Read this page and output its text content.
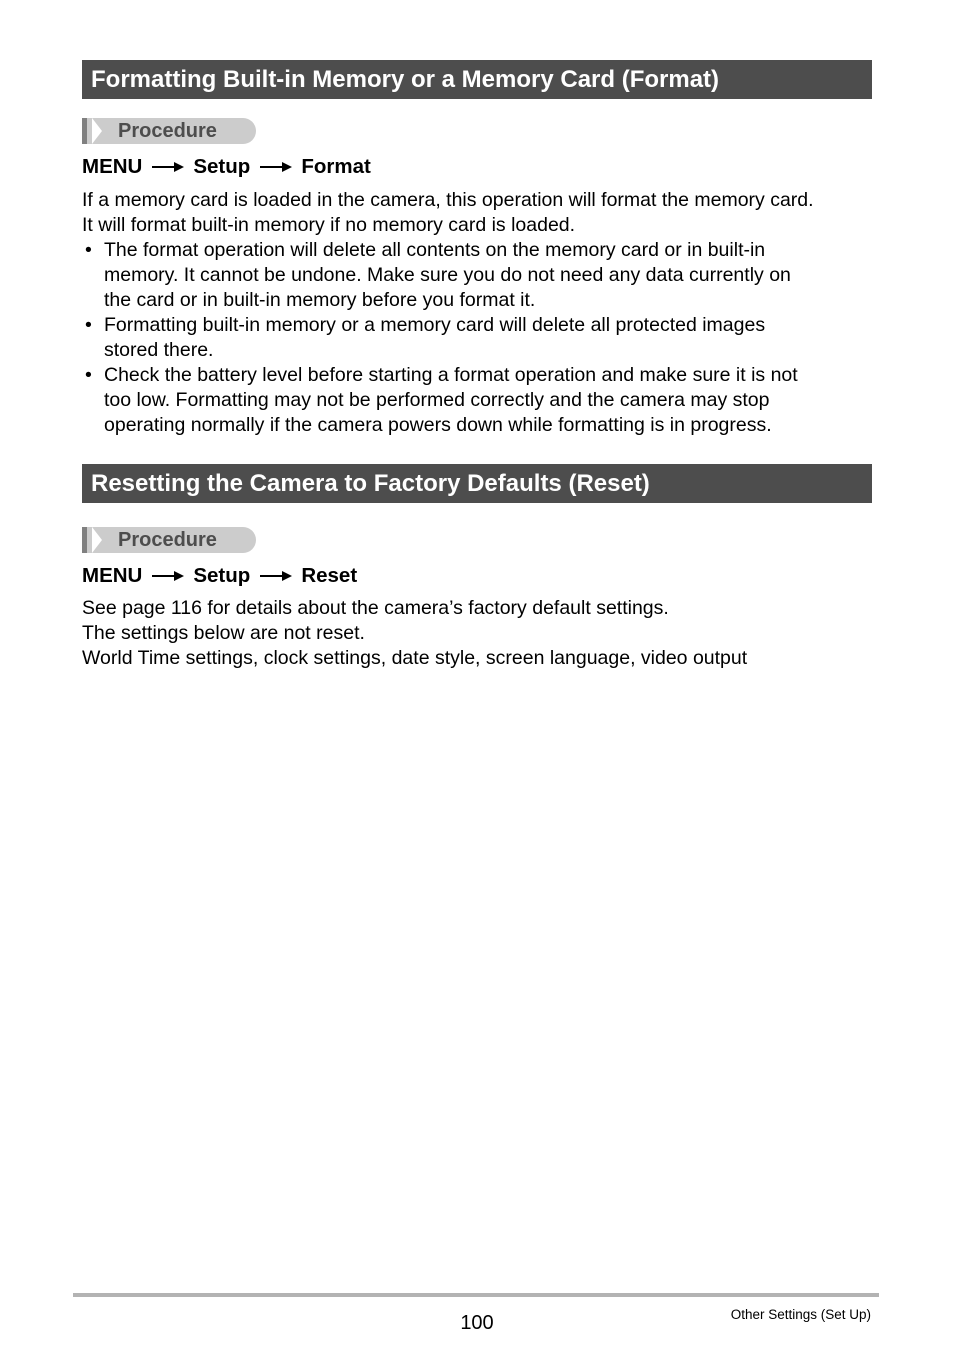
Formatting Built-in Memory or a Memory Card (Format)
Procedure
MENU Setup Format

If a memory card is loaded in the camera, this operation will format the memory card.

It will format built-in memory if no memory card is loaded.

• The format operation will delete all contents on the memory card or in built-in
memory. It cannot be undone. Make sure you do not need any data currently on
the card or in built-in memory before you format it.
• Formatting built-in memory or a memory card will delete all protected images
stored there.
• Check the battery level before starting a format operation and make sure it is not
too low. Formatting may not be performed correctly and the camera may stop
operating normally if the camera powers down while formatting is in progress.
Resetting the Camera to Factory Defaults (Reset)
Procedure
MENU Setup Reset

See page 116 for details about the camera’s factory default settings.

The settings below are not reset.

World Time settings, clock settings, date style, screen language, video output

100	Other Settings (Set Up)
